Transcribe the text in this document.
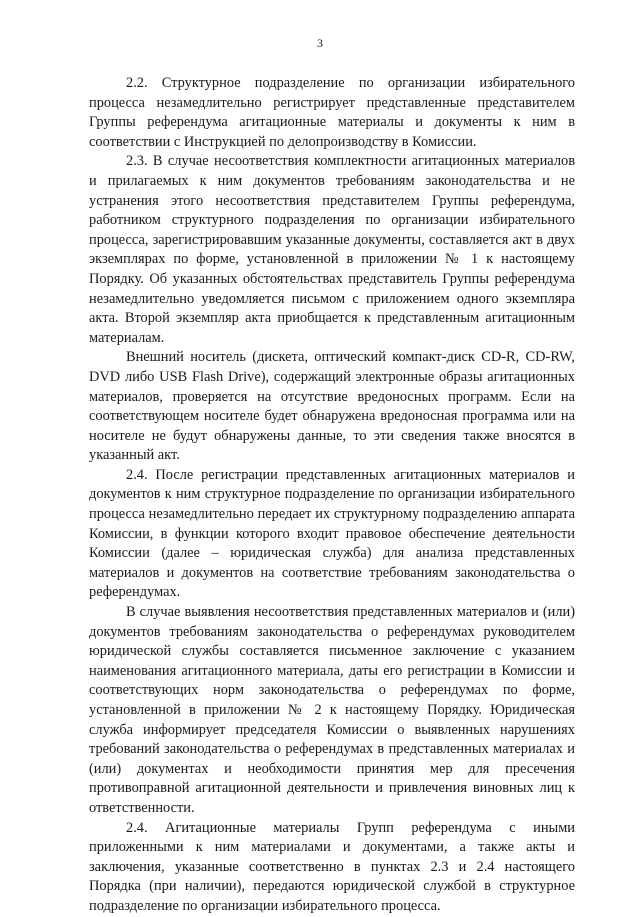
3

2.2. Структурное подразделение по организации избирательного процесса незамедлительно регистрирует представленные представителем Группы референдума агитационные материалы и документы к ним в соответствии с Инструкцией по делопроизводству в Комиссии.

2.3. В случае несоответствия комплектности агитационных материалов и прилагаемых к ним документов требованиям законодательства и не устранения этого несоответствия представителем Группы референдума, работником структурного подразделения по организации избирательного процесса, зарегистрировавшим указанные документы, составляется акт в двух экземплярах по форме, установленной в приложении № 1 к настоящему Порядку. Об указанных обстоятельствах представитель Группы референдума незамедлительно уведомляется письмом с приложением одного экземпляра акта. Второй экземпляр акта приобщается к представленным агитационным материалам.

Внешний носитель (дискета, оптический компакт-диск CD-R, CD-RW, DVD либо USB Flash Drive), содержащий электронные образы агитационных материалов, проверяется на отсутствие вредоносных программ. Если на соответствующем носителе будет обнаружена вредоносная программа или на носителе не будут обнаружены данные, то эти сведения также вносятся в указанный акт.

2.4. После регистрации представленных агитационных материалов и документов к ним структурное подразделение по организации избирательного процесса незамедлительно передает их структурному подразделению аппарата Комиссии, в функции которого входит правовое обеспечение деятельности Комиссии (далее – юридическая служба) для анализа представленных материалов и документов на соответствие требованиям законодательства о референдумах.

В случае выявления несоответствия представленных материалов и (или) документов требованиям законодательства о референдумах руководителем юридической службы составляется письменное заключение с указанием наименования агитационного материала, даты его регистрации в Комиссии и соответствующих норм законодательства о референдумах по форме, установленной в приложении № 2 к настоящему Порядку. Юридическая служба информирует председателя Комиссии о выявленных нарушениях требований законодательства о референдумах в представленных материалах и (или) документах и необходимости принятия мер для пресечения противоправной агитационной деятельности и привлечения виновных лиц к ответственности.

2.4. Агитационные материалы Групп референдума с иными приложенными к ним материалами и документами, а также акты и заключения, указанные соответственно в пунктах 2.3 и 2.4 настоящего Порядка (при наличии), передаются юридической службой в структурное подразделение по организации избирательного процесса.
